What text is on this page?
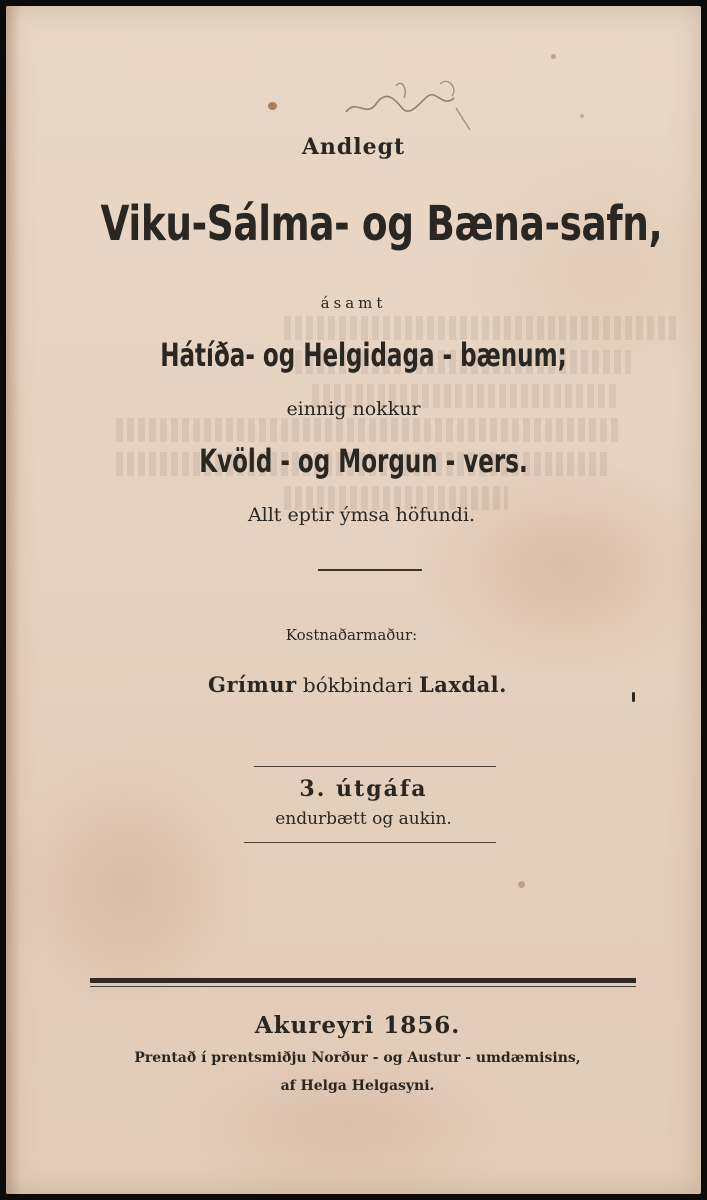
Andlegt
Viku-Sálma- og Bæna-safn,
ásamt
Hátíða- og Helgidaga - bænum;
einnig nokkur
Kvöld - og Morgun - vers.
Allt eptir ýmsa höfundi.
Kostnaðarmaður:
Grímur bókbindari Laxdal.
3. útgáfa
endurbætt og aukin.
Akureyri 1856.
Prentað í prentsmiðju Norður - og Austur - umdæmisins,
af Helga Helgasyni.
